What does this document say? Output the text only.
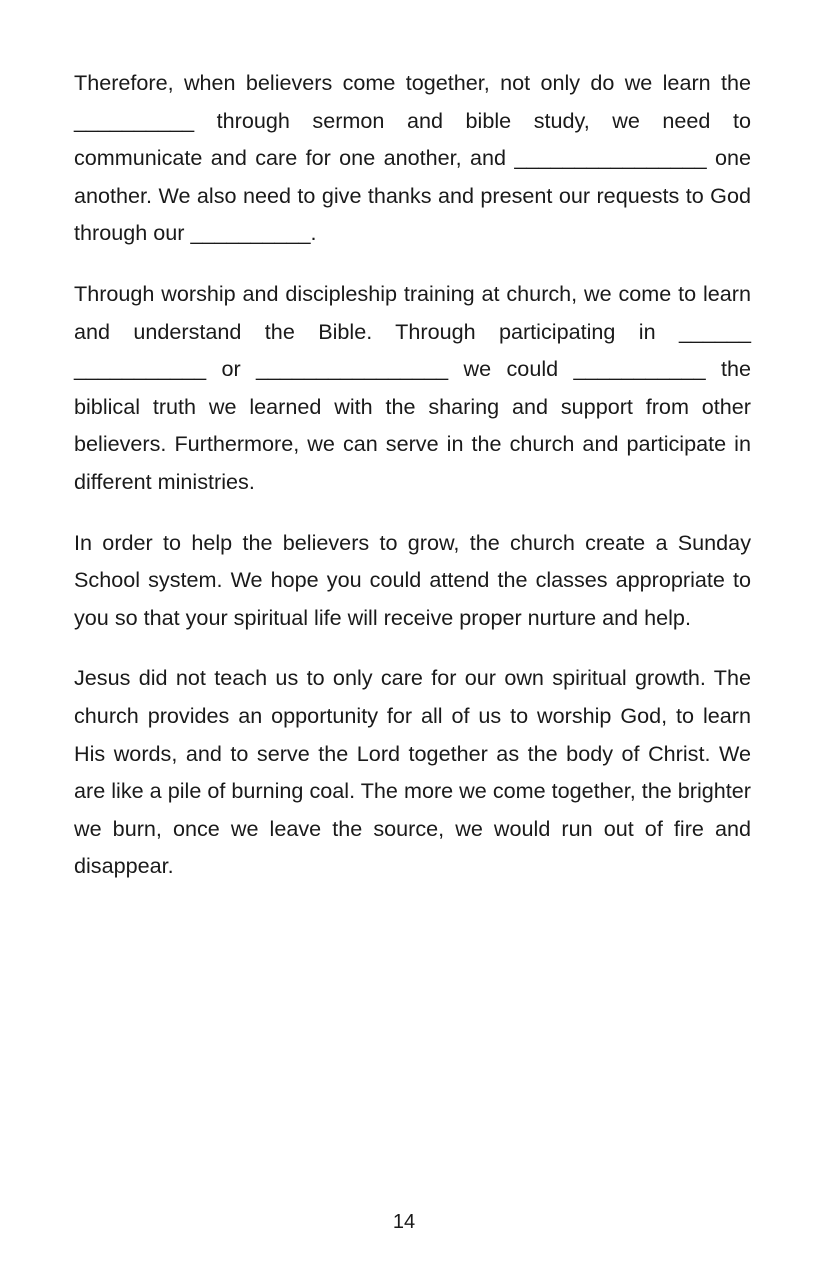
Therefore, when believers come together, not only do we learn the __________ through sermon and bible study, we need to communicate and care for one another, and ________________ one another. We also need to give thanks and present our requests to God through our __________.

Through worship and discipleship training at church, we come to learn and understand the Bible. Through participating in ______ ___________ or ________________ we could ___________ the biblical truth we learned with the sharing and support from other believers. Furthermore, we can serve in the church and participate in different ministries.

In order to help the believers to grow, the church create a Sunday School system. We hope you could attend the classes appropriate to you so that your spiritual life will receive proper nurture and help.

Jesus did not teach us to only care for our own spiritual growth. The church provides an opportunity for all of us to worship God, to learn His words, and to serve the Lord together as the body of Christ. We are like a pile of burning coal. The more we come together, the brighter we burn, once we leave the source, we would run out of fire and disappear.

14
